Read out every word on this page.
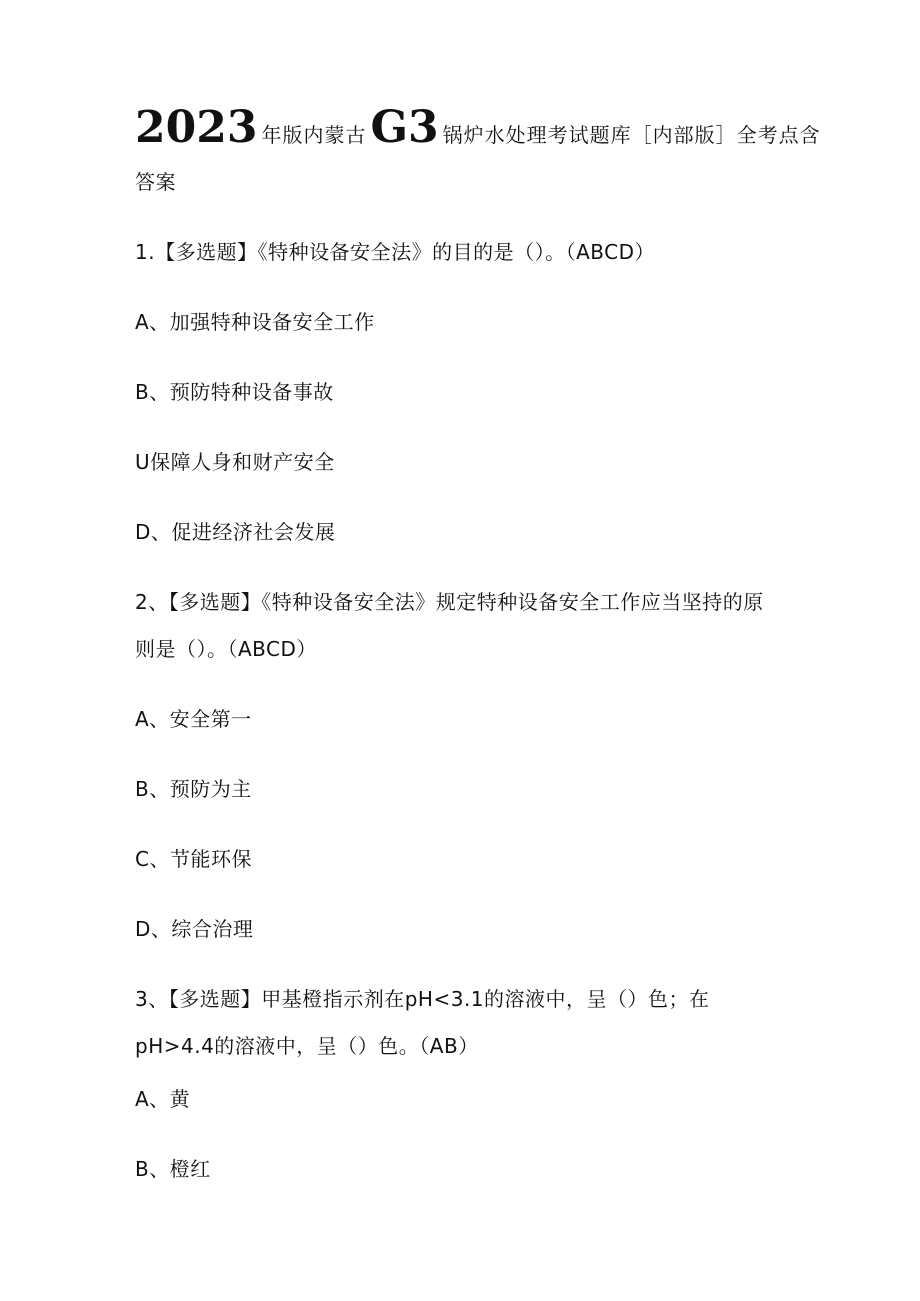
2023 年版内蒙古G3 锅炉水处理考试题库［内部版］全考点含
答案
1.【多选题】《特种设备安全法》的目的是（）。（ABCD）
A、加强特种设备安全工作
B、预防特种设备事故
U保障人身和财产安全
D、促进经济社会发展
2、【多选题】《特种设备安全法》规定特种设备安全工作应当坚持的原
则是（）。（ABCD）
A、安全第一
B、预防为主
C、节能环保
D、综合治理
3、【多选题】甲基橙指示剂在pH<3.1的溶液中，呈（）色；在
pH>4.4的溶液中，呈（）色。（AB）
A、黄
B、橙红
